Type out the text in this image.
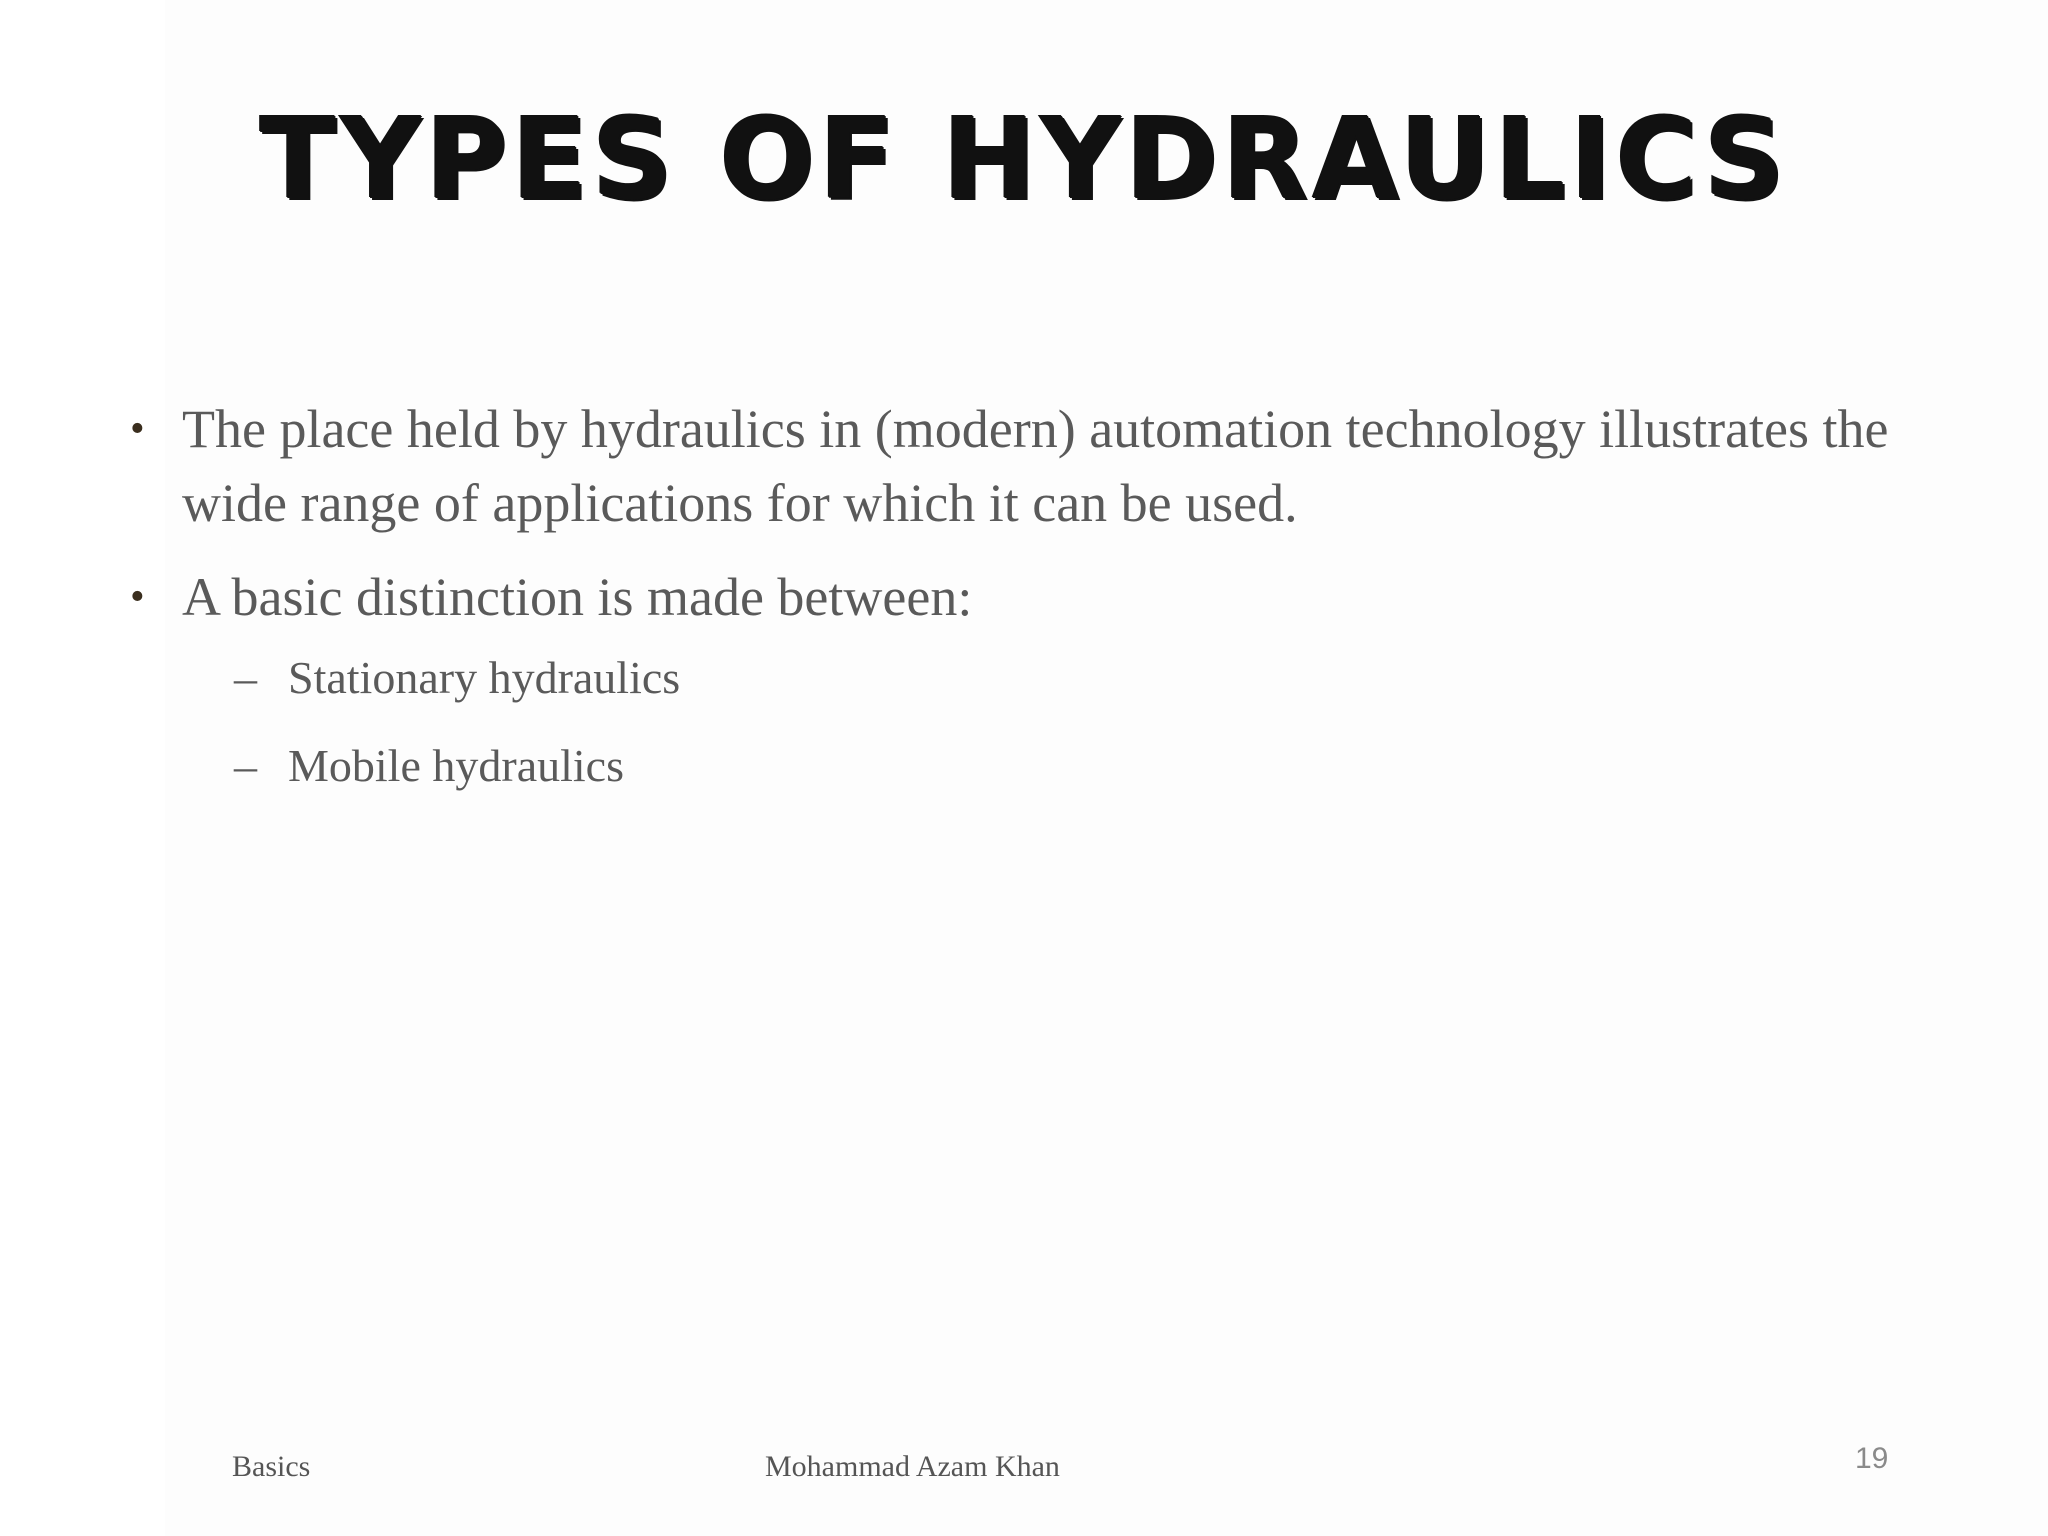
TYPES OF HYDRAULICS
• The place held by hydraulics in (modern) automation technology illustrates the wide range of applications for which it can be used.
• A basic distinction is made between:
– Stationary hydraulics
– Mobile hydraulics
Basics	Mohammad Azam Khan	19
